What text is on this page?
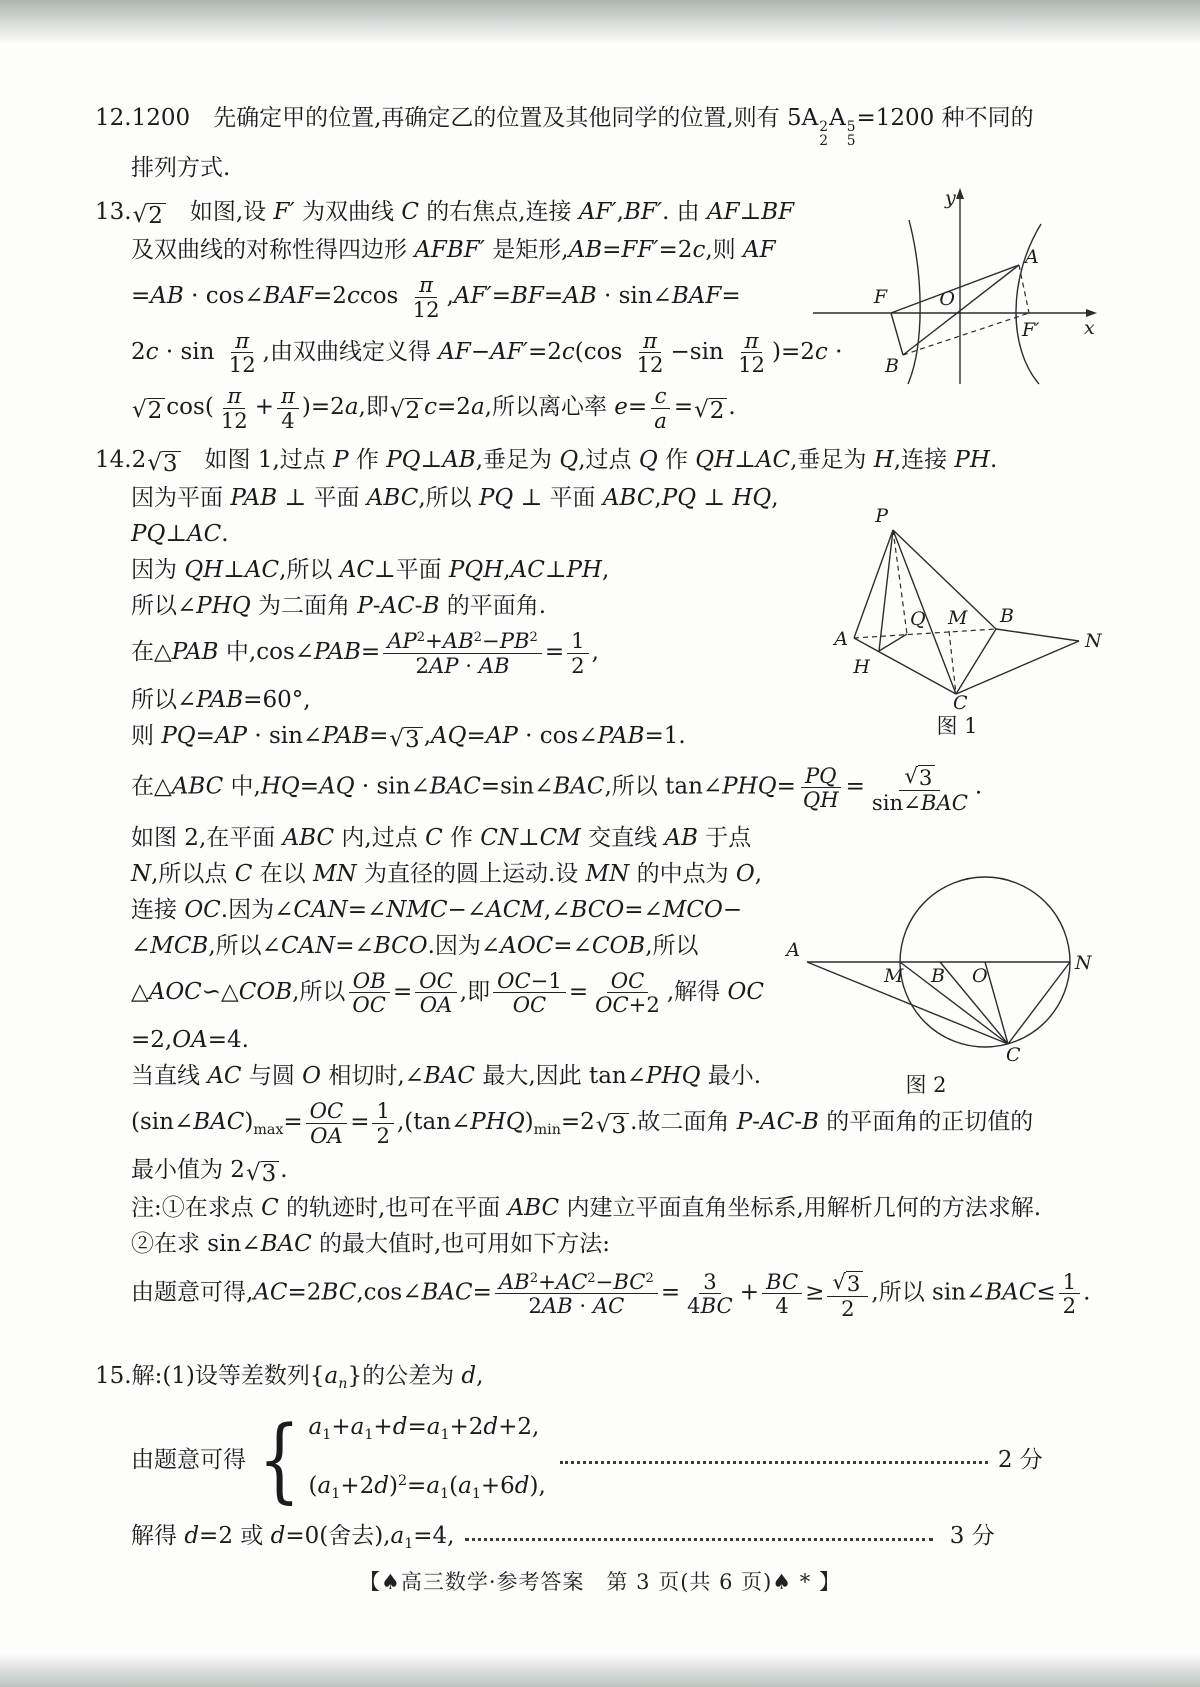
12.1200　先确定甲的位置,再确定乙的位置及其他同学的位置,则有 5A 2
2
A 5
5
=1200 种不同的
排列方式.
13. √ 2 　如图,设 F′ 为双曲线 C 的右焦点,连接 AF′,BF′. 由 AF⊥BF
及双曲线的对称性得四边形 AFBF′ 是矩形,AB=FF′=2c,则 AF
=AB · cos∠BAF=2ccos $\frac{\pi}{12} ,AF'=BF=AB$ · sin∠BAF=
$2c \cdot \sin \frac{\pi}{12}$ ,由双曲线定义得 $AF-AF'=2c(\cos \frac{\pi}{12} -\sin \frac{\pi}{12} )=2c$ ·
√ 2 $\cos( \frac{\pi}{12} + \frac{\pi}{4} )=2a$,即 √ 2 c=2a,所以离心率 $e= \frac{c}{a}$ = √ 2 .
14.2 √ 3 　如图 1,过点 P 作 PQ⊥AB,垂足为 Q,过点 Q 作 QH⊥AC,垂足为 H,连接 PH.
因为平面 PAB ⊥ 平面 ABC,所以 PQ ⊥ 平面 ABC,PQ ⊥ HQ,
PQ⊥AC.
因为 QH⊥AC,所以 AC⊥平面 PQH,AC⊥PH,
所以∠PHQ 为二面角 P-AC-B 的平面角.
在△PAB 中,cos∠PAB= $\frac{AP^2+AB^2-PB^2}{2AP \cdot AB} = \frac{1}{2}$ ,
所以∠PAB=60°,
则 PQ=AP · sin∠PAB= √ 3 ,AQ=AP · cos∠PAB=1.
在△ABC 中,HQ=AQ · sin∠BAC=sin∠BAC,所以 tan∠PHQ= $\frac{PQ}{QH} = \frac{√ 3}{\text{sin∠BAC}}$ .
如图 2,在平面 ABC 内,过点 C 作 CN⊥CM 交直线 AB 于点
N,所以点 C 在以 MN 为直径的圆上运动.设 MN 的中点为 O,
连接 OC.因为∠CAN=∠NMC−∠ACM,∠BCO=∠MCO−
∠MCB,所以∠CAN=∠BCO.因为∠AOC=∠COB,所以
△AOC∽△COB,所以 $\frac{OB}{OC} = \frac{OC}{OA}$ ,即 $\frac{OC-1}{OC} = \frac{OC}{OC+2}$ ,解得 OC
=2,OA=4.
当直线 AC 与圆 O 相切时,∠BAC 最大,因此 tan∠PHQ 最小.
$(\sin\angle BAC)_{max}= \frac{OC}{OA} = \frac{1}{2}$ $,(\tan\angle PHQ)_{min}=2$ √ 3 .故二面角 P-AC-B 的平面角的正切值的
最小值为 2 √ 3 .
注:①在求点 C 的轨迹时,也可在平面 ABC 内建立平面直角坐标系,用解析几何的方法求解.
②在求 sin∠BAC 的最大值时,也可用如下方法:
由题意可得,AC=2BC,cos∠BAC= $\frac{AB^2+AC^2-BC^2}{2AB \cdot AC} = \frac{3}{4BC} + \frac{BC}{4} \ge \frac{√ 3}{2}$ ,所以 sin∠BAC≤ $\frac{1}{2}$ .
15.解:(1)设等差数列$\{a_n\}$的公差为 d,
由题意可得 { $a_1+a_1+d=a_1+2d+2$,
$(a_1+2d)^2=a_1(a_1+6d)$,
2 分
解得 d=2 或 d=0(舍去)$,a_1=4$,	3 分
y
x
O
F
F′
A
B
P
A
H
Q M B
N
C
图 1
A
M B O
N
C
图 2
【♠高三数学·参考答案　第 3 页(共 6 页)♠ * 】
